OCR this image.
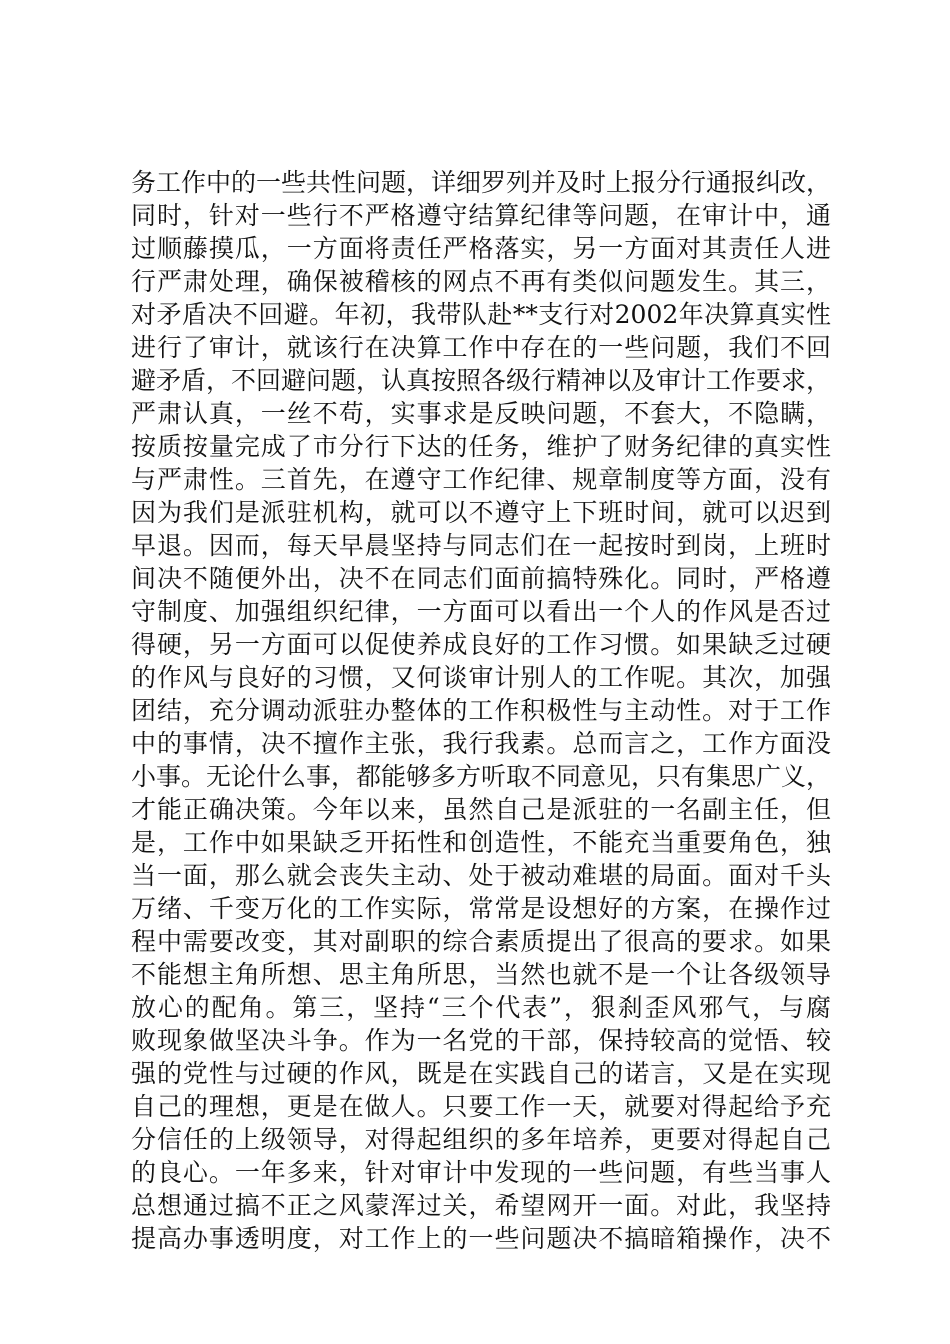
务工作中的一些共性问题，详细罗列并及时上报分行通报纠改，
同时，针对一些行不严格遵守结算纪律等问题，在审计中，通
过顺藤摸瓜，一方面将责任严格落实，另一方面对其责任人进
行严肃处理，确保被稽核的网点不再有类似问题发生。其三，
对矛盾决不回避。年初，我带队赴**支行对2002年决算真实性
进行了审计，就该行在决算工作中存在的一些问题，我们不回
避矛盾，不回避问题，认真按照各级行精神以及审计工作要求，
严肃认真，一丝不苟，实事求是反映问题，不套大，不隐瞒，
按质按量完成了市分行下达的任务，维护了财务纪律的真实性
与严肃性。三首先，在遵守工作纪律、规章制度等方面，没有
因为我们是派驻机构，就可以不遵守上下班时间，就可以迟到
早退。因而，每天早晨坚持与同志们在一起按时到岗，上班时
间决不随便外出，决不在同志们面前搞特殊化。同时，严格遵
守制度、加强组织纪律，一方面可以看出一个人的作风是否过
得硬，另一方面可以促使养成良好的工作习惯。如果缺乏过硬
的作风与良好的习惯，又何谈审计别人的工作呢。其次，加强
团结，充分调动派驻办整体的工作积极性与主动性。对于工作
中的事情，决不擅作主张，我行我素。总而言之，工作方面没
小事。无论什么事，都能够多方听取不同意见，只有集思广义，
才能正确决策。今年以来，虽然自己是派驻的一名副主任，但
是，工作中如果缺乏开拓性和创造性，不能充当重要角色，独
当一面，那么就会丧失主动、处于被动难堪的局面。面对千头
万绪、千变万化的工作实际，常常是设想好的方案，在操作过
程中需要改变，其对副职的综合素质提出了很高的要求。如果
不能想主角所想、思主角所思，当然也就不是一个让各级领导
放心的配角。第三，坚持“三个代表”，狠刹歪风邪气，与腐
败现象做坚决斗争。作为一名党的干部，保持较高的觉悟、较
强的党性与过硬的作风，既是在实践自己的诺言，又是在实现
自己的理想，更是在做人。只要工作一天，就要对得起给予充
分信任的上级领导，对得起组织的多年培养，更要对得起自己
的良心。一年多来，针对审计中发现的一些问题，有些当事人
总想通过搞不正之风蒙浑过关，希望网开一面。对此，我坚持
提高办事透明度，对工作上的一些问题决不搞暗箱操作，决不
